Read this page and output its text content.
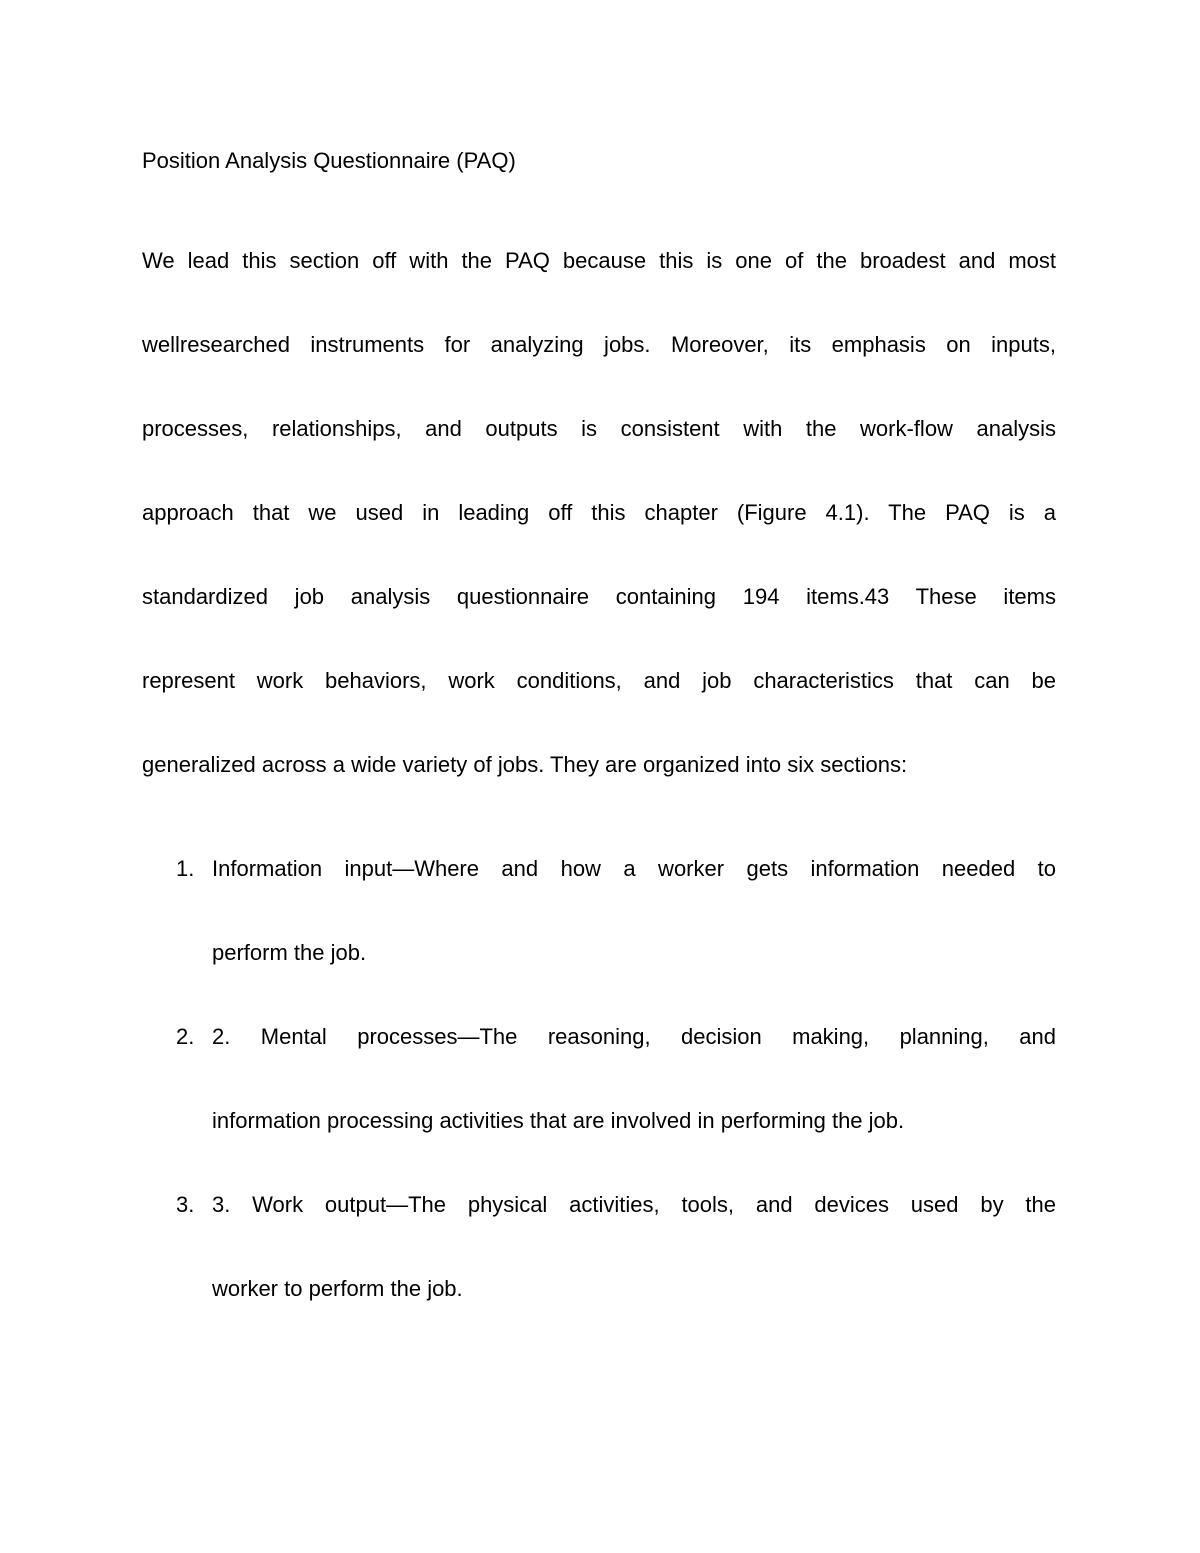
Position Analysis Questionnaire (PAQ)
We lead this section off with the PAQ because this is one of the broadest and most
wellresearched instruments for analyzing jobs. Moreover, its emphasis on inputs,
processes, relationships, and outputs is consistent with the work-flow analysis
approach that we used in leading off this chapter (Figure 4.1). The PAQ is a
standardized job analysis questionnaire containing 194 items.43 These items
represent work behaviors, work conditions, and job characteristics that can be
generalized across a wide variety of jobs. They are organized into six sections:
1. Information input—Where and how a worker gets information needed to
perform the job.
2. 2. Mental processes—The reasoning, decision making, planning, and
information processing activities that are involved in performing the job.
3. 3. Work output—The physical activities, tools, and devices used by the
worker to perform the job.
